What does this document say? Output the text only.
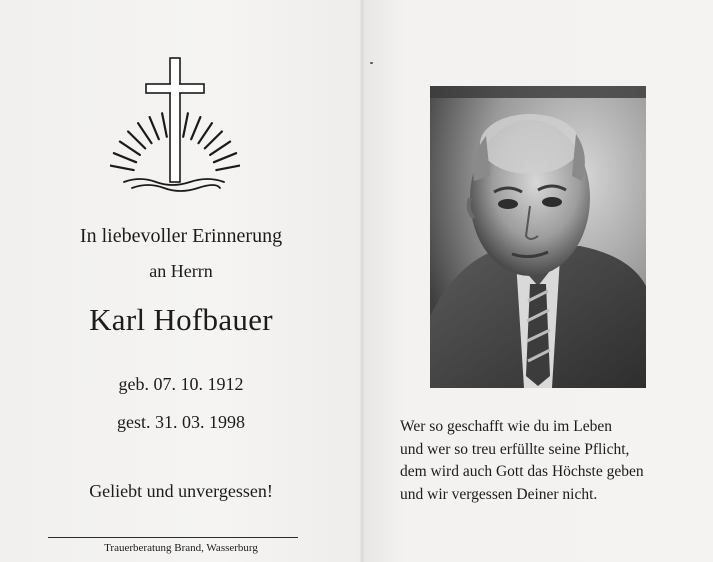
In liebevoller Erinnerung
an Herrn
Karl Hofbauer
geb. 07. 10. 1912
gest. 31. 03. 1998
Geliebt und unvergessen!
Trauerberatung Brand, Wasserburg
Wer so geschafft wie du im Leben
und wer so treu erfüllte seine Pflicht,
dem wird auch Gott das Höchste geben
und wir vergessen Deiner nicht.
